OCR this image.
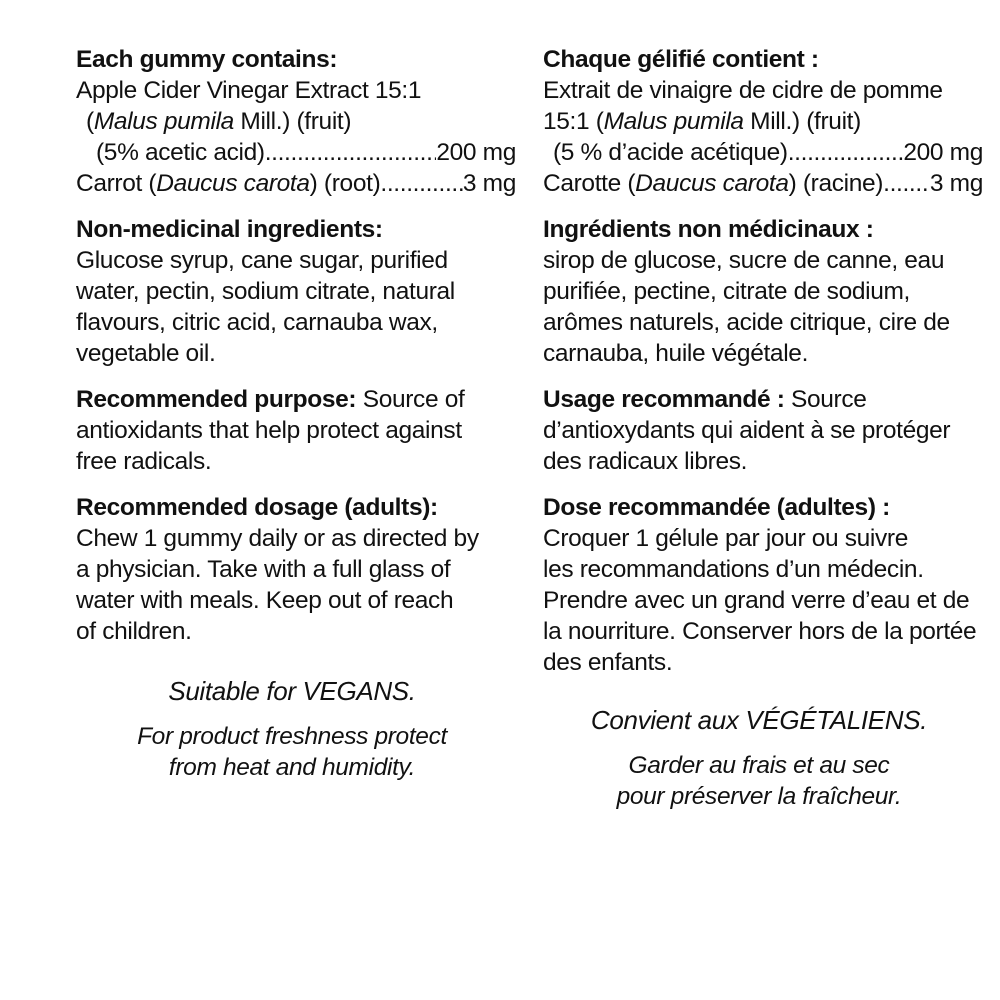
Each gummy contains:
Apple Cider Vinegar Extract 15:1
(Malus pumila Mill.) (fruit)
(5% acetic acid) .....	200 mg
Carrot (Daucus carota) (root) .....	3 mg
Non-medicinal ingredients:
Glucose syrup, cane sugar, purified
water, pectin, sodium citrate, natural
flavours, citric acid, carnauba wax,
vegetable oil.
Recommended purpose: Source of
antioxidants that help protect against
free radicals.
Recommended dosage (adults):
Chew 1 gummy daily or as directed by
a physician. Take with a full glass of
water with meals. Keep out of reach
of children.
Suitable for VEGANS.
For product freshness protect
from heat and humidity.
Chaque gélifié contient :
Extrait de vinaigre de cidre de pomme
15:1 (Malus pumila Mill.) (fruit)
(5 % d’acide acétique) .....	200 mg
Carotte (Daucus carota) (racine) ..... 3 mg
Ingrédients non médicinaux :
sirop de glucose, sucre de canne, eau
purifiée, pectine, citrate de sodium,
arômes naturels, acide citrique, cire de
carnauba, huile végétale.
Usage recommandé : Source
d’antioxydants qui aident à se protéger
des radicaux libres.
Dose recommandée (adultes) :
Croquer 1 gélule par jour ou suivre
les recommandations d’un médecin.
Prendre avec un grand verre d’eau et de
la nourriture. Conserver hors de la portée
des enfants.
Convient aux VÉGÉTALIENS.
Garder au frais et au sec
pour préserver la fraîcheur.
